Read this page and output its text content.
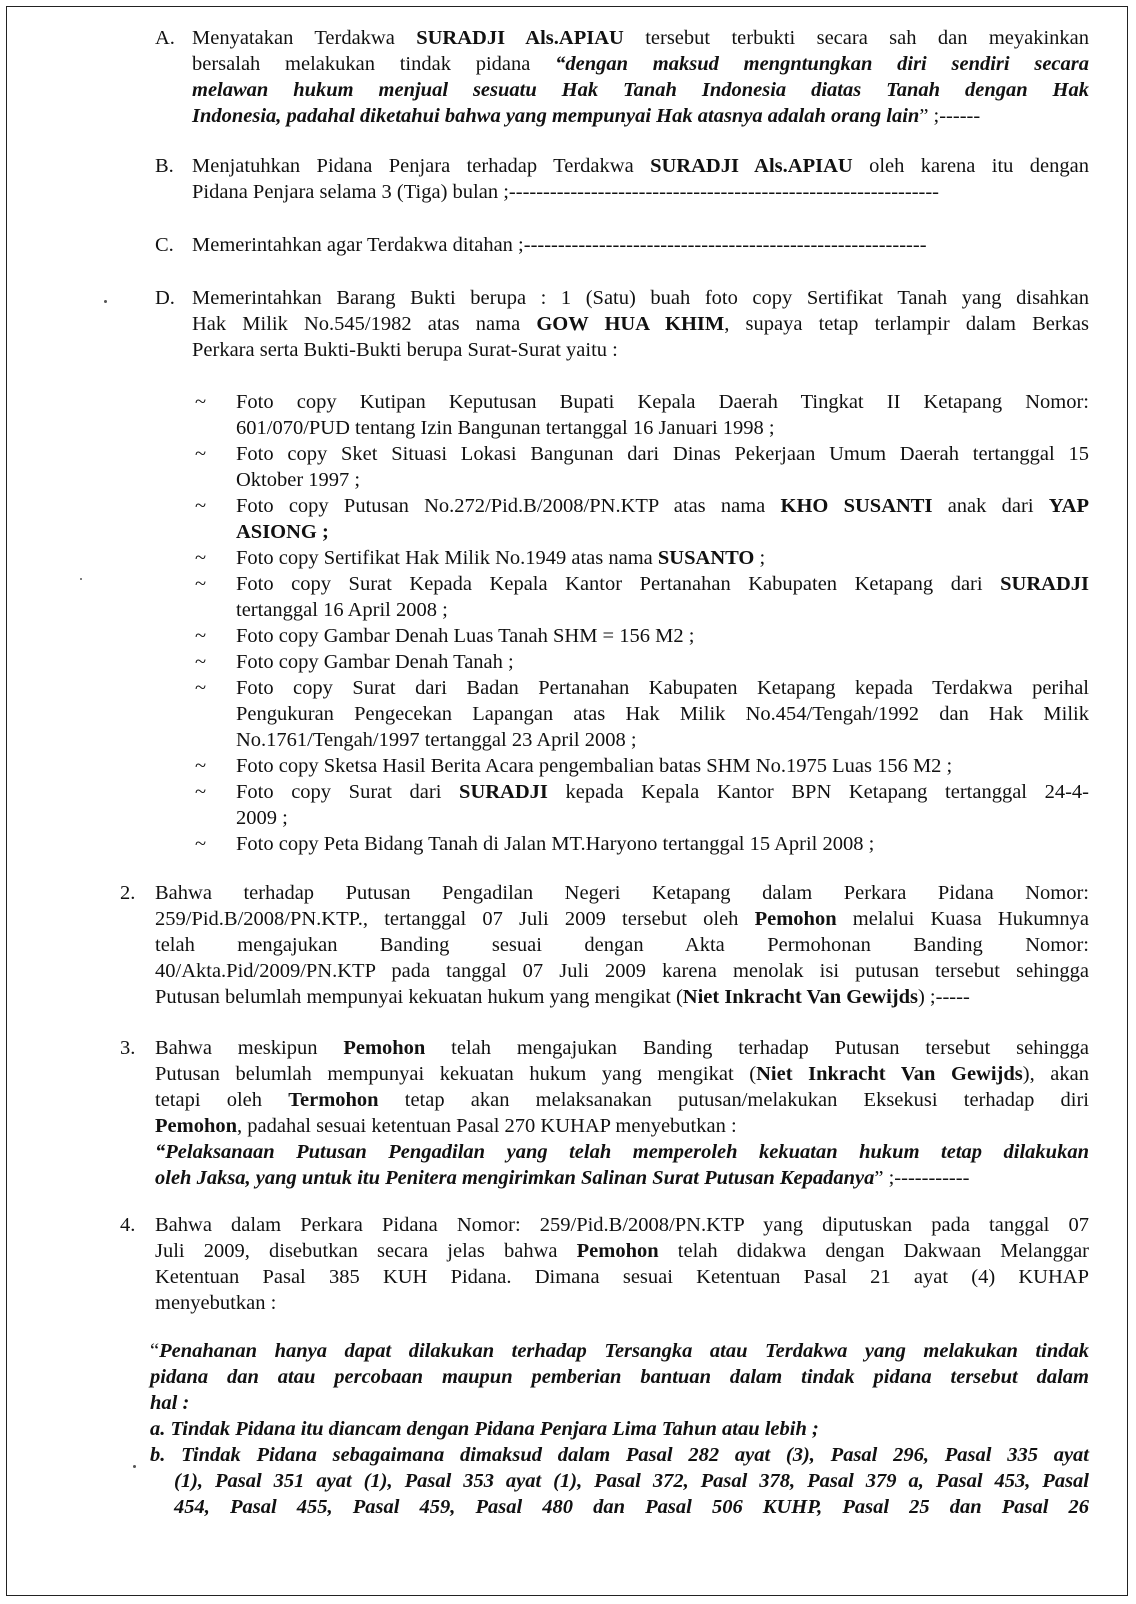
A. Menyatakan Terdakwa SURADJI Als.APIAU tersebut terbukti secara sah dan meyakinkan
bersalah melakukan tindak pidana “dengan maksud mengntungkan diri sendiri secara
melawan hukum menjual sesuatu Hak Tanah Indonesia diatas Tanah dengan Hak
Indonesia, padahal diketahui bahwa yang mempunyai Hak atasnya adalah orang lain” ;------
B. Menjatuhkan Pidana Penjara terhadap Terdakwa SURADJI Als.APIAU oleh karena itu dengan
Pidana Penjara selama 3 (Tiga) bulan ;---------------------------------------------------------------
C. Memerintahkan agar Terdakwa ditahan ;-----------------------------------------------------------
D. Memerintahkan Barang Bukti berupa : 1 (Satu) buah foto copy Sertifikat Tanah yang disahkan
Hak Milik No.545/1982 atas nama GOW HUA KHIM, supaya tetap terlampir dalam Berkas
Perkara serta Bukti-Bukti berupa Surat-Surat yaitu :
~ Foto copy Kutipan Keputusan Bupati Kepala Daerah Tingkat II Ketapang Nomor:
601/070/PUD tentang Izin Bangunan tertanggal 16 Januari 1998 ;
~ Foto copy Sket Situasi Lokasi Bangunan dari Dinas Pekerjaan Umum Daerah tertanggal 15
Oktober 1997 ;
~ Foto copy Putusan No.272/Pid.B/2008/PN.KTP atas nama KHO SUSANTI anak dari YAP
ASIONG ;
~ Foto copy Sertifikat Hak Milik No.1949 atas nama SUSANTO ;
~ Foto copy Surat Kepada Kepala Kantor Pertanahan Kabupaten Ketapang dari SURADJI
tertanggal 16 April 2008 ;
~ Foto copy Gambar Denah Luas Tanah SHM = 156 M2 ;
~ Foto copy Gambar Denah Tanah ;
~ Foto copy Surat dari Badan Pertanahan Kabupaten Ketapang kepada Terdakwa perihal
Pengukuran Pengecekan Lapangan atas Hak Milik No.454/Tengah/1992 dan Hak Milik
No.1761/Tengah/1997 tertanggal 23 April 2008 ;
~ Foto copy Sketsa Hasil Berita Acara pengembalian batas SHM No.1975 Luas 156 M2 ;
~ Foto copy Surat dari SURADJI kepada Kepala Kantor BPN Ketapang tertanggal 24-4-
2009 ;
~ Foto copy Peta Bidang Tanah di Jalan MT.Haryono tertanggal 15 April 2008 ;
2. Bahwa terhadap Putusan Pengadilan Negeri Ketapang dalam Perkara Pidana Nomor:
259/Pid.B/2008/PN.KTP., tertanggal 07 Juli 2009 tersebut oleh Pemohon melalui Kuasa Hukumnya
telah mengajukan Banding sesuai dengan Akta Permohonan Banding Nomor:
40/Akta.Pid/2009/PN.KTP pada tanggal 07 Juli 2009 karena menolak isi putusan tersebut sehingga
Putusan belumlah mempunyai kekuatan hukum yang mengikat (Niet Inkracht Van Gewijds) ;-----
3. Bahwa meskipun Pemohon telah mengajukan Banding terhadap Putusan tersebut sehingga
Putusan belumlah mempunyai kekuatan hukum yang mengikat (Niet Inkracht Van Gewijds), akan
tetapi oleh Termohon tetap akan melaksanakan putusan/melakukan Eksekusi terhadap diri
Pemohon, padahal sesuai ketentuan Pasal 270 KUHAP menyebutkan :
“Pelaksanaan Putusan Pengadilan yang telah memperoleh kekuatan hukum tetap dilakukan
oleh Jaksa, yang untuk itu Penitera mengirimkan Salinan Surat Putusan Kepadanya” ;-----------
4. Bahwa dalam Perkara Pidana Nomor: 259/Pid.B/2008/PN.KTP yang diputuskan pada tanggal 07
Juli 2009, disebutkan secara jelas bahwa Pemohon telah didakwa dengan Dakwaan Melanggar
Ketentuan Pasal 385 KUH Pidana. Dimana sesuai Ketentuan Pasal 21 ayat (4) KUHAP
menyebutkan :
“Penahanan hanya dapat dilakukan terhadap Tersangka atau Terdakwa yang melakukan tindak
pidana dan atau percobaan maupun pemberian bantuan dalam tindak pidana tersebut dalam
hal :
a. Tindak Pidana itu diancam dengan Pidana Penjara Lima Tahun atau lebih ;
b. Tindak Pidana sebagaimana dimaksud dalam Pasal 282 ayat (3), Pasal 296, Pasal 335 ayat
(1), Pasal 351 ayat (1), Pasal 353 ayat (1), Pasal 372, Pasal 378, Pasal 379 a, Pasal 453, Pasal
454, Pasal 455, Pasal 459, Pasal 480 dan Pasal 506 KUHP, Pasal 25 dan Pasal 26
